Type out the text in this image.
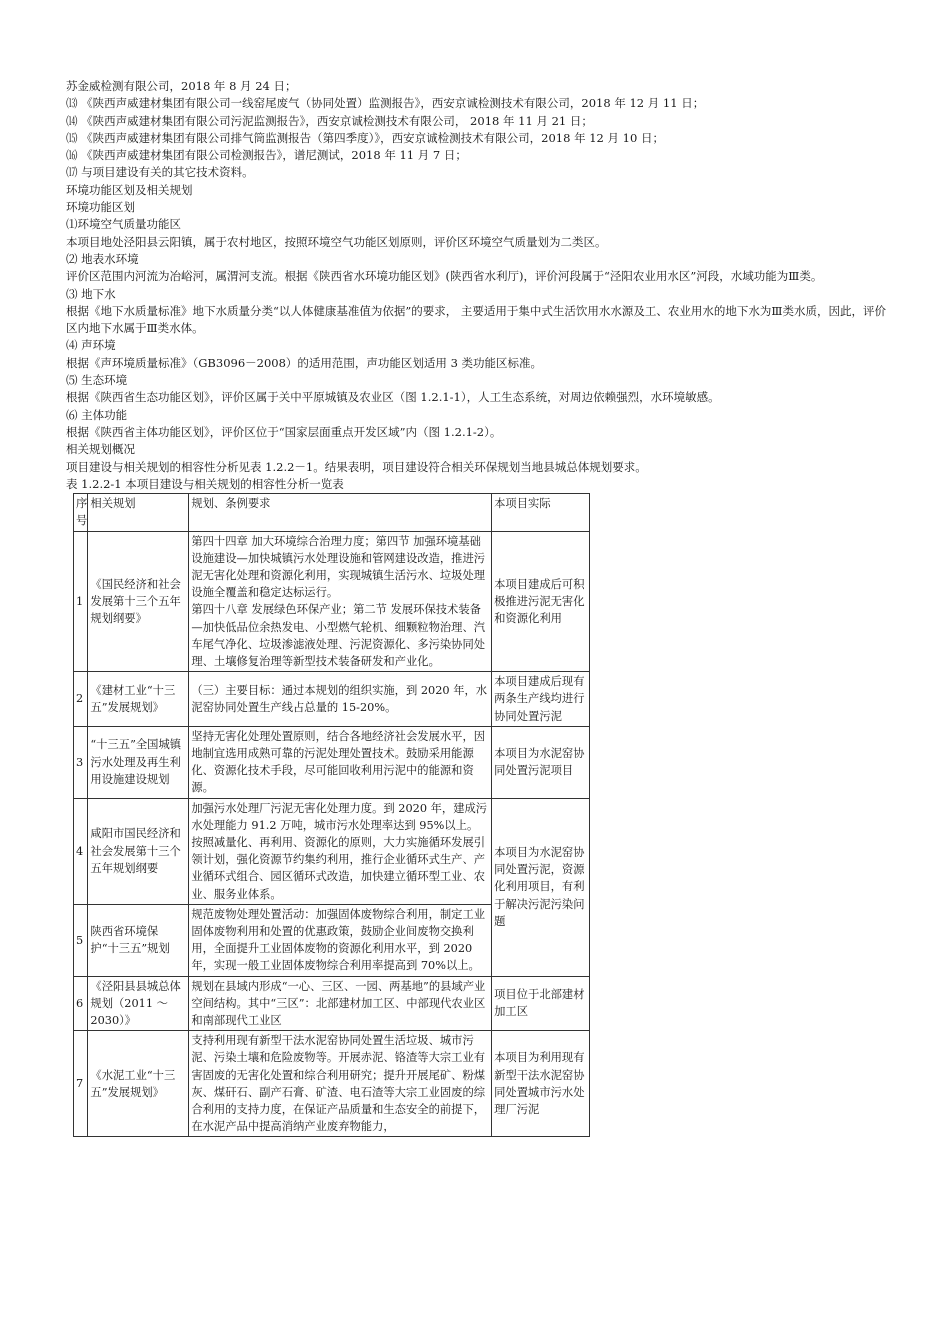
苏金威检测有限公司，2018 年 8 月 24 日；

⒀ 《陕西声威建材集团有限公司一线窑尾废气（协同处置）监测报告》，西安京诚检测技术有限公司，2018 年 12 月 11 日；

⒁ 《陕西声威建材集团有限公司污泥监测报告》，西安京诚检测技术有限公司， 2018 年 11 月 21 日；

⒂ 《陕西声威建材集团有限公司排气筒监测报告（第四季度）》，西安京诚检测技术有限公司，2018 年 12 月 10 日；

⒃ 《陕西声威建材集团有限公司检测报告》，谱尼测试，2018 年 11 月 7 日；

⒄ 与项目建设有关的其它技术资料。

环境功能区划及相关规划

环境功能区划

⑴环境空气质量功能区

本项目地处泾阳县云阳镇，属于农村地区，按照环境空气功能区划原则，评价区环境空气质量划为二类区。

⑵ 地表水环境

评价区范围内河流为冶峪河，属渭河支流。根据《陕西省水环境功能区划》(陕西省水利厅)，评价河段属于“泾阳农业用水区”河段，水域功能为Ⅲ类。

⑶ 地下水

根据《地下水质量标准》地下水质量分类“以人体健康基准值为依据”的要求， 主要适用于集中式生活饮用水水源及工、农业用水的地下水为Ⅲ类水质，因此，评价区内地下水属于Ⅲ类水体。

⑷ 声环境

根据《声环境质量标准》（GB3096－2008）的适用范围，声功能区划适用 3 类功能区标准。

⑸ 生态环境

根据《陕西省生态功能区划》，评价区属于关中平原城镇及农业区（图 1.2.1-1），人工生态系统，对周边依赖强烈，水环境敏感。

⑹ 主体功能

根据《陕西省主体功能区划》，评价区位于“国家层面重点开发区域”内（图 1.2.1-2）。

相关规划概况

项目建设与相关规划的相容性分析见表 1.2.2－1。结果表明，项目建设符合相关环保规划当地县城总体规划要求。

表 1.2.2-1 本项目建设与相关规划的相容性分析一览表

序号	相关规划	规划、条例要求	本项目实际
1	《国民经济和社会发展第十三个五年规划纲要》	第四十四章 加大环境综合治理力度；第四节 加强环境基础设施建设—加快城镇污水处理设施和管网建设改造，推进污泥无害化处理和资源化利用，实现城镇生活污水、垃圾处理设施全覆盖和稳定达标运行。

第四十八章 发展绿色环保产业；第二节 发展环保技术装备—加快低品位余热发电、小型燃气轮机、细颗粒物治理、汽车尾气净化、垃圾渗滤液处理、污泥资源化、多污染协同处理、土壤修复治理等新型技术装备研发和产业化。	本项目建成后可积极推进污泥无害化和资源化利用
2	《建材工业“十三五”发展规划》	（三）主要目标：通过本规划的组织实施，到 2020 年，水泥窑协同处置生产线占总量的 15-20%。	本项目建成后现有两条生产线均进行协同处置污泥
3	“十三五”全国城镇污水处理及再生利用设施建设规划	坚持无害化处理处置原则，结合各地经济社会发展水平，因地制宜选用成熟可靠的污泥处理处置技术。鼓励采用能源化、资源化技术手段，尽可能回收利用污泥中的能源和资源。	本项目为水泥窑协同处置污泥项目
4	咸阳市国民经济和社会发展第十三个五年规划纲要	加强污水处理厂污泥无害化处理力度。到 2020 年，建成污水处理能力 91.2 万吨，城市污水处理率达到 95%以上。

按照减量化、再利用、资源化的原则，大力实施循环发展引领计划，强化资源节约集约利用，推行企业循环式生产、产业循环式组合、园区循环式改造，加快建立循环型工业、农业、服务业体系。	本项目为水泥窑协同处置污泥，资源化利用项目，有利于解决污泥污染问题
5	陕西省环境保护“十三五”规划	规范废物处理处置活动：加强固体废物综合利用，制定工业固体废物利用和处置的优惠政策，鼓励企业间废物交换利用，全面提升工业固体废物的资源化利用水平，到 2020 年，实现一般工业固体废物综合利用率提高到 70%以上。	

6	《泾阳县县城总体规划（2011 ～2030）》	规划在县域内形成“一心、三区、一园、两基地”的县域产业空间结构。其中“三区”：北部建材加工区、中部现代农业区和南部现代工业区	项目位于北部建材加工区
7	《水泥工业“十三五”发展规划》	支持利用现有新型干法水泥窑协同处置生活垃圾、城市污泥、污染土壤和危险废物等。开展赤泥、铬渣等大宗工业有害固废的无害化处置和综合利用研究；提升开展尾矿、粉煤灰、煤矸石、副产石膏、矿渣、电石渣等大宗工业固废的综合利用的支持力度，在保证产品质量和生态安全的前提下，在水泥产品中提高消纳产业废弃物能力，	本项目为利用现有新型干法水泥窑协同处置城市污水处理厂污泥
